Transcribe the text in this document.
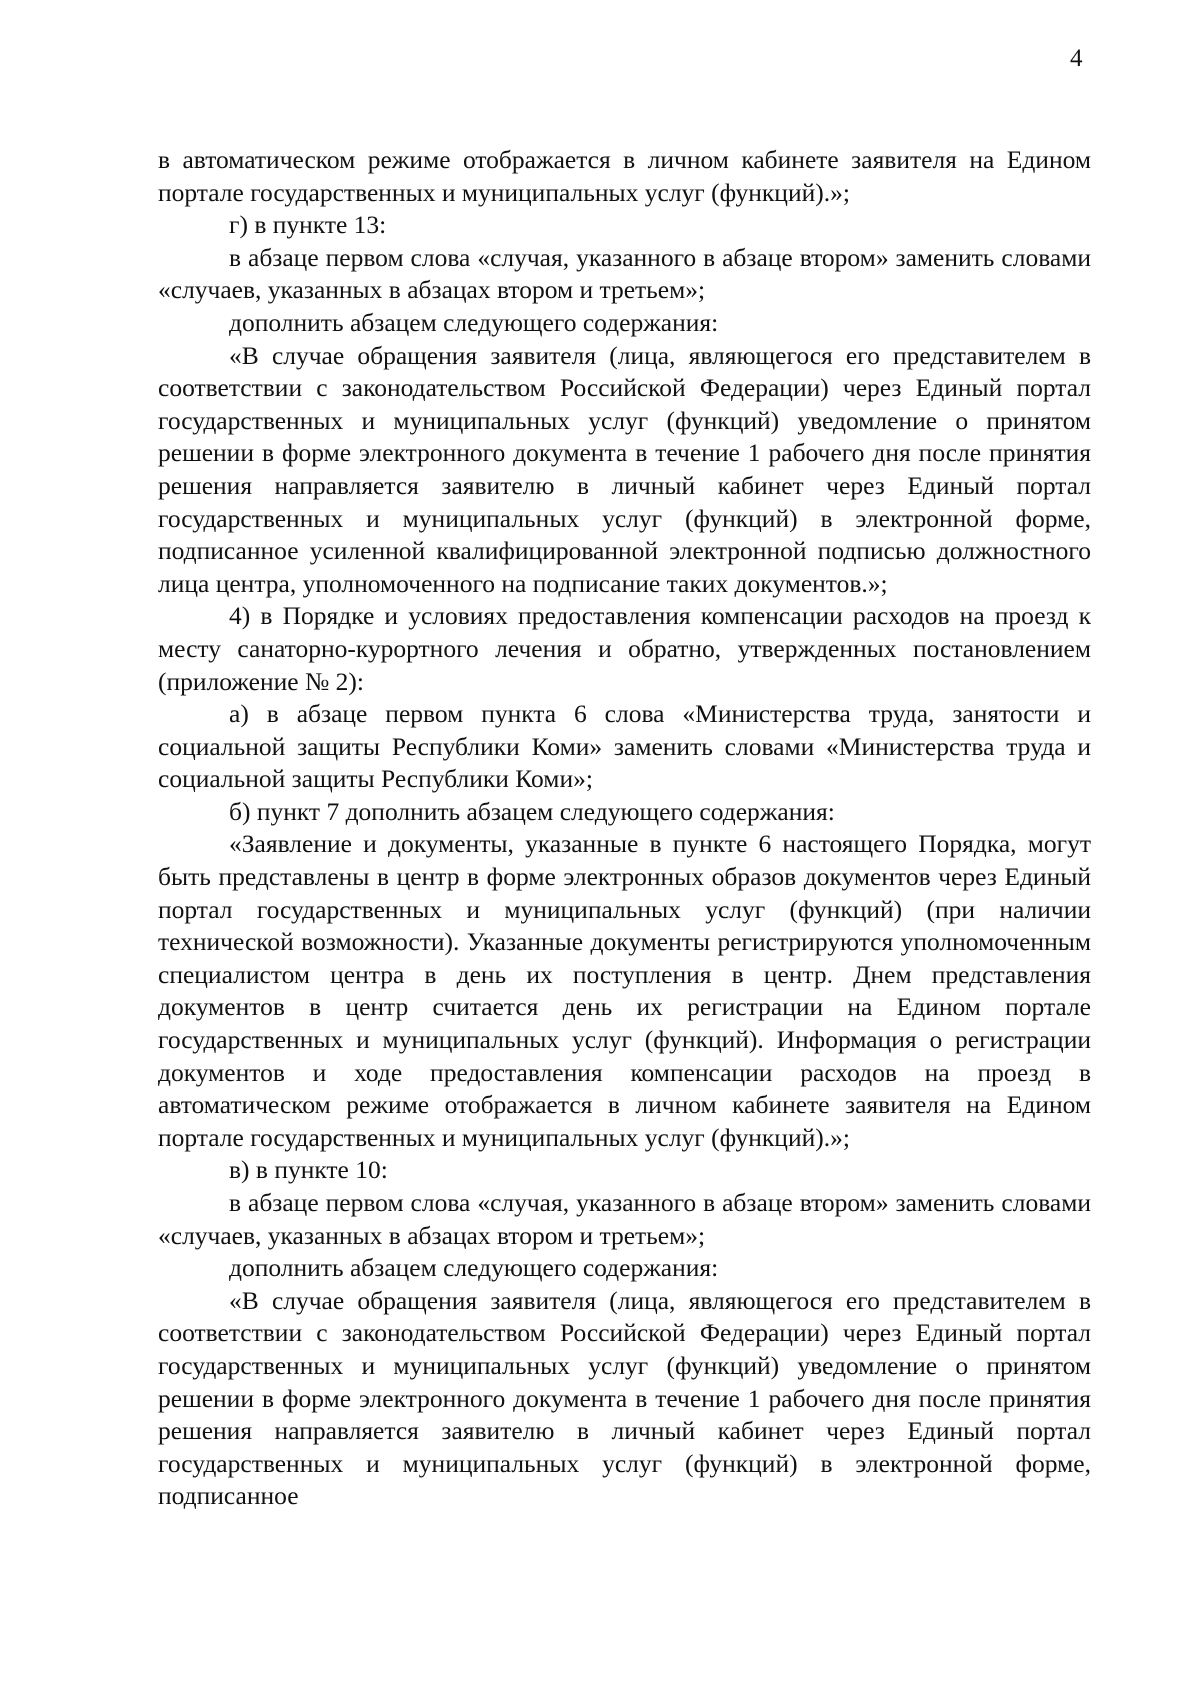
4

в автоматическом режиме отображается в личном кабинете заявителя на Едином портале государственных и муниципальных услуг (функций).»;

г) в пункте 13:

в абзаце первом слова «случая, указанного в абзаце втором» заменить словами «случаев, указанных в абзацах втором и третьем»;

дополнить абзацем следующего содержания:

«В случае обращения заявителя (лица, являющегося его представителем в соответствии с законодательством Российской Федерации) через Единый портал государственных и муниципальных услуг (функций) уведомление о принятом решении в форме электронного документа в течение 1 рабочего дня после принятия решения направляется заявителю в личный кабинет через Единый портал государственных и муниципальных услуг (функций) в электронной форме, подписанное усиленной квалифицированной электронной подписью должностного лица центра, уполномоченного на подписание таких документов.»;

4) в Порядке и условиях предоставления компенсации расходов на проезд к месту санаторно-курортного лечения и обратно, утвержденных постановлением (приложение № 2):

а) в абзаце первом пункта 6 слова «Министерства труда, занятости и социальной защиты Республики Коми» заменить словами «Министерства труда и социальной защиты Республики Коми»;

б) пункт 7 дополнить абзацем следующего содержания:

«Заявление и документы, указанные в пункте 6 настоящего Порядка, могут быть представлены в центр в форме электронных образов документов через Единый портал государственных и муниципальных услуг (функций) (при наличии технической возможности). Указанные документы регистрируются уполномоченным специалистом центра в день их поступления в центр. Днем представления документов в центр считается день их регистрации на Едином портале государственных и муниципальных услуг (функций). Информация о регистрации документов и ходе предоставления компенсации расходов на проезд в автоматическом режиме отображается в личном кабинете заявителя на Едином портале государственных и муниципальных услуг (функций).»;

в) в пункте 10:

в абзаце первом слова «случая, указанного в абзаце втором» заменить словами «случаев, указанных в абзацах втором и третьем»;

дополнить абзацем следующего содержания:

«В случае обращения заявителя (лица, являющегося его представителем в соответствии с законодательством Российской Федерации) через Единый портал государственных и муниципальных услуг (функций) уведомление о принятом решении в форме электронного документа в течение 1 рабочего дня после принятия решения направляется заявителю в личный кабинет через Единый портал государственных и муниципальных услуг (функций) в электронной форме, подписанное
